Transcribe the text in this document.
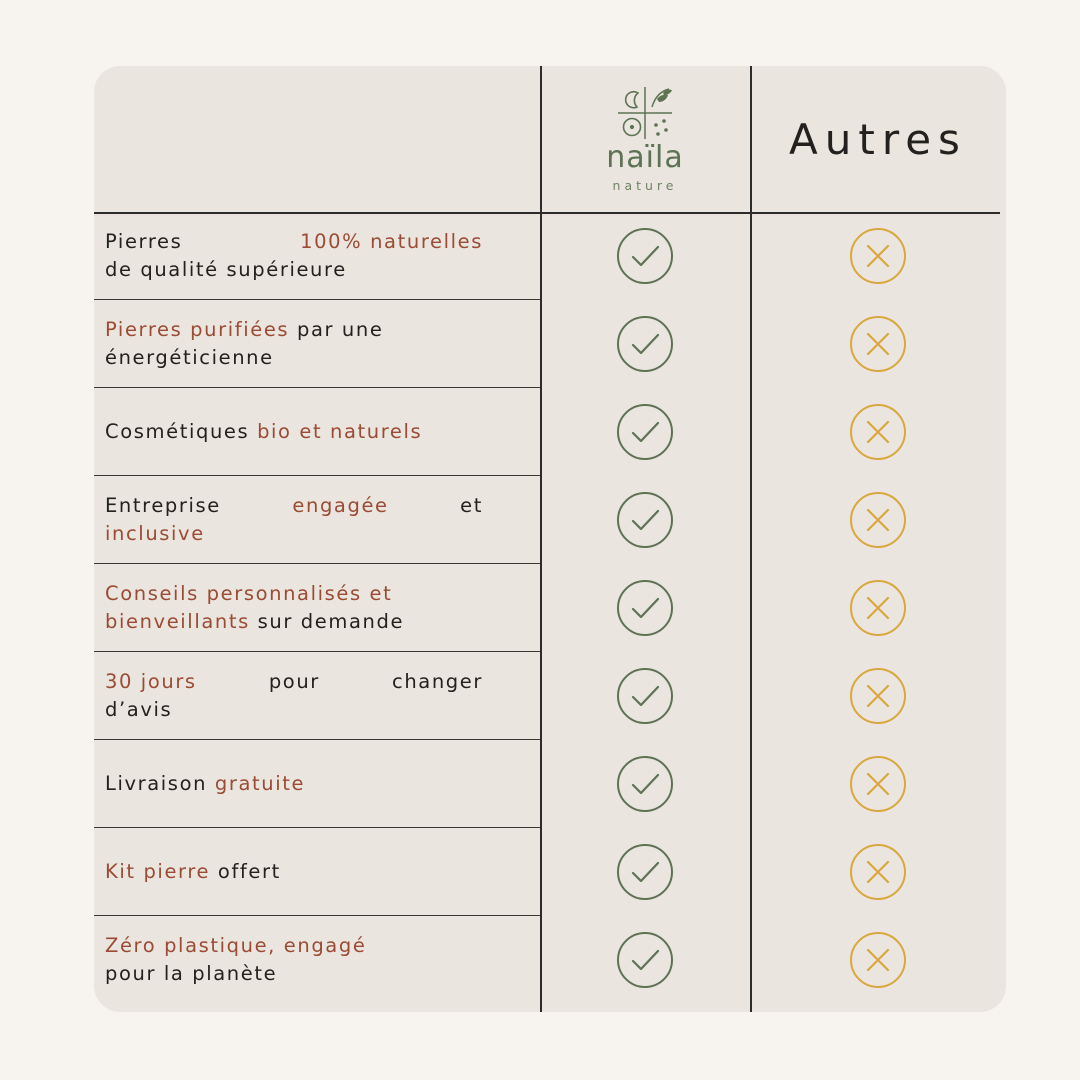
naïla
nature
Autres
Pierres	100% naturelles
de qualité supérieure
Pierres purifiées par une
énergéticienne
Cosmétiques bio et naturels
Entreprise	engagée	et
inclusive
Conseils personnalisés et
bienveillants sur demande
30 jours	pour	changer
d’avis
Livraison gratuite
Kit pierre offert
Zéro plastique, engagé
pour la planète
